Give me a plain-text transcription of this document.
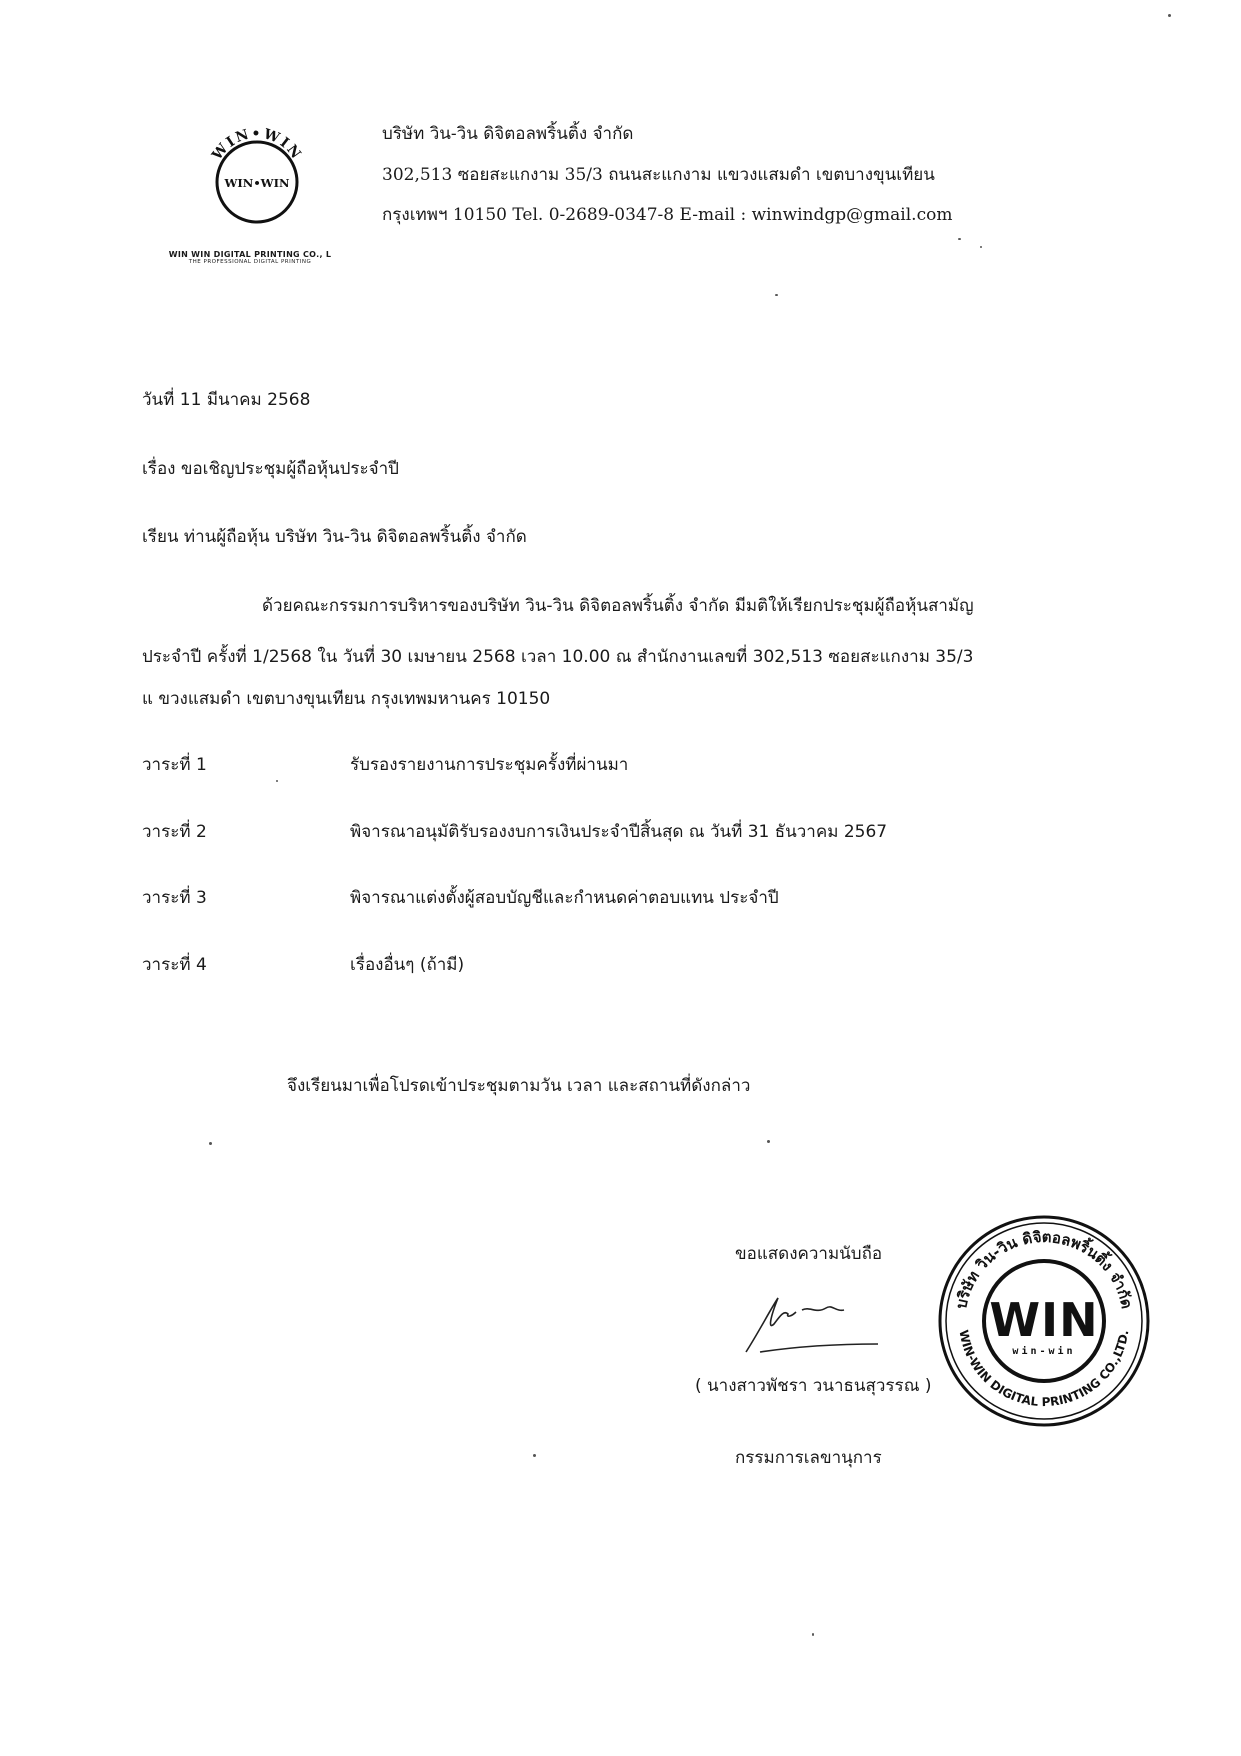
WIN•WIN
WIN•WIN
WIN WIN DIGITAL PRINTING CO., L
THE PROFESSIONAL DIGITAL PRINTING
บริษัท วิน-วิน ดิจิตอลพริ้นติ้ง จำกัด
302,513 ซอยสะแกงาม 35/3 ถนนสะแกงาม แขวงแสมดำ เขตบางขุนเทียน
กรุงเทพฯ 10150 Tel. 0-2689-0347-8 E-mail : winwindgp@gmail.com
วันที่ 11 มีนาคม 2568
เรื่อง ขอเชิญประชุมผู้ถือหุ้นประจำปี
เรียน ท่านผู้ถือหุ้น บริษัท วิน-วิน ดิจิตอลพริ้นติ้ง จำกัด
ด้วยคณะกรรมการบริหารของบริษัท วิน-วิน ดิจิตอลพริ้นติ้ง จำกัด มีมติให้เรียกประชุมผู้ถือหุ้นสามัญ
ประจำปี ครั้งที่ 1/2568 ใน วันที่ 30 เมษายน 2568 เวลา 10.00 ณ สำนักงานเลขที่ 302,513 ซอยสะแกงาม 35/3
แ ขวงแสมดำ เขตบางขุนเทียน กรุงเทพมหานคร 10150
วาระที่ 1	รับรองรายงานการประชุมครั้งที่ผ่านมา
วาระที่ 2	พิจารณาอนุมัติรับรองงบการเงินประจำปีสิ้นสุด ณ วันที่ 31 ธันวาคม 2567
วาระที่ 3	พิจารณาแต่งตั้งผู้สอบบัญชีและกำหนดค่าตอบแทน ประจำปี
วาระที่ 4	เรื่องอื่นๆ (ถ้ามี)
จึงเรียนมาเพื่อโปรดเข้าประชุมตามวัน เวลา และสถานที่ดังกล่าว
ขอแสดงความนับถือ
( นางสาวพัชรา วนาธนสุวรรณ )
กรรมการเลขานุการ
บริษัท วิน-วิน ดิจิตอลพริ้นติ้ง จำกัด
WIN-WIN DIGITAL PRINTING CO.,LTD.
WIN
win-win
